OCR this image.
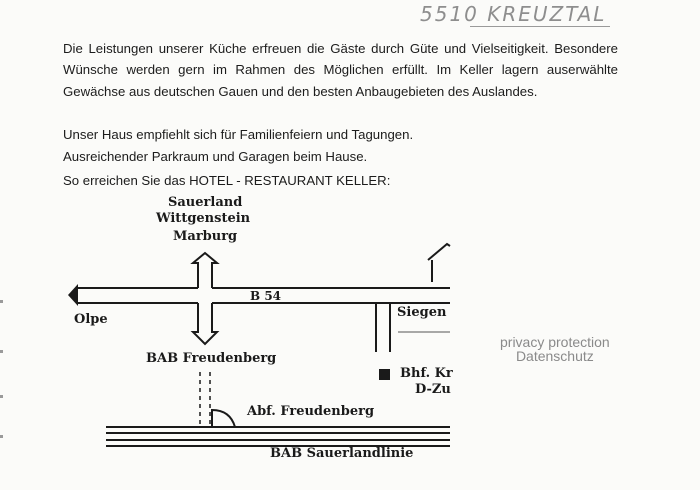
5510 KREUZTAL

Die Leistungen unserer Küche erfreuen die Gäste durch Güte und Vielseitigkeit. Besondere Wünsche werden gern im Rahmen des Möglichen erfüllt. Im Keller lagern auserwählte Gewächse aus deutschen Gauen und den besten Anbaugebieten des Auslandes.

Unser Haus empfiehlt sich für Familienfeiern und Tagungen.

Ausreichender Parkraum und Garagen beim Hause.

So erreichen Sie das HOTEL - RESTAURANT KELLER:

Sauerland
Wittgenstein
Marburg
B 54
Olpe
BAB Freudenberg
Siegen
Bhf. Kr
D-Zu
Abf. Freudenberg
BAB Sauerlandlinie
privacy protection
Datenschutz
